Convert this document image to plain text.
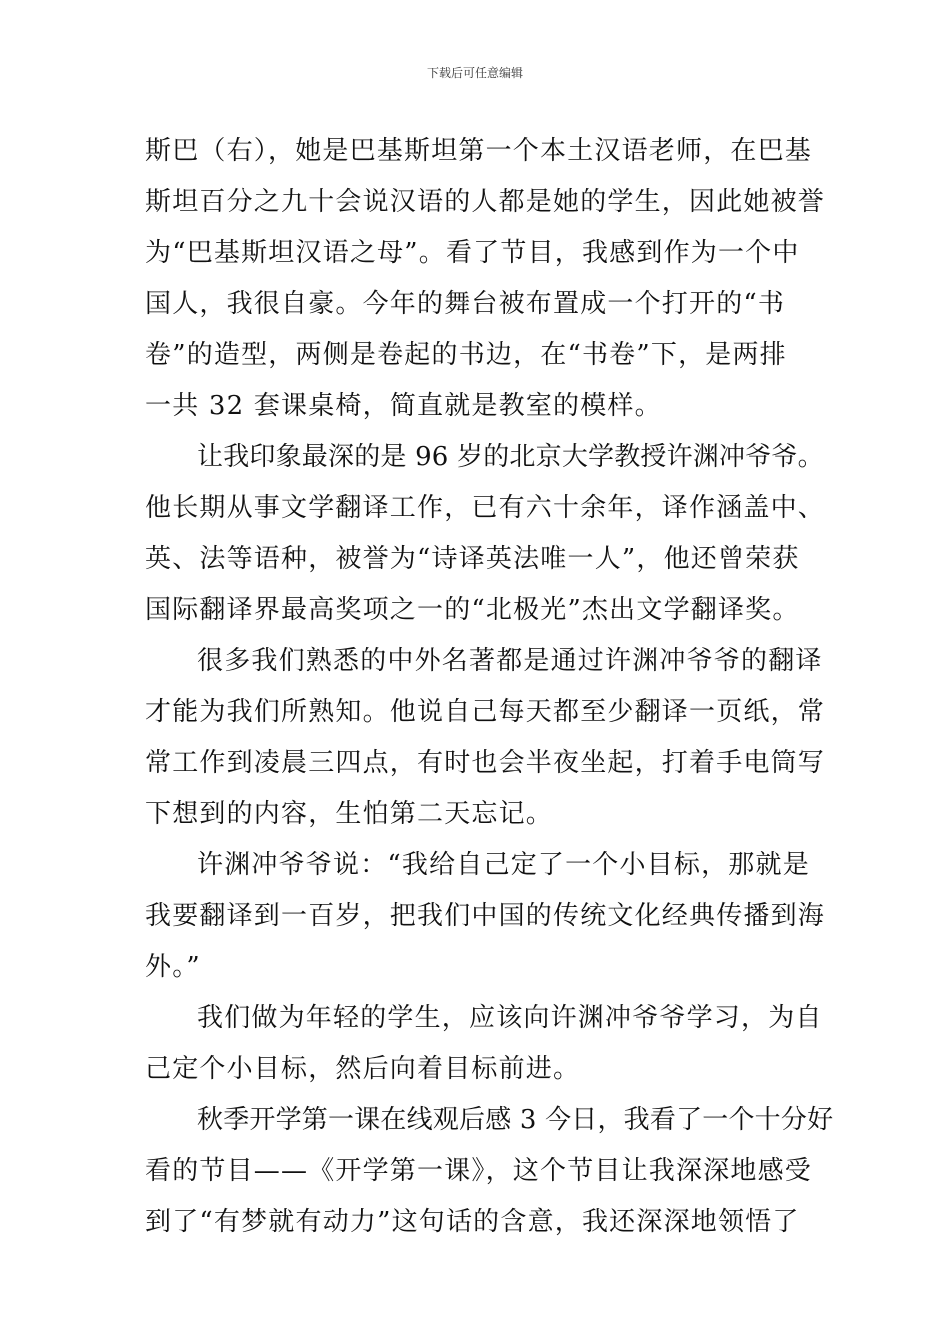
下载后可任意编辑
斯巴（右），她是巴基斯坦第一个本土汉语老师，在巴基
斯坦百分之九十会说汉语的人都是她的学生，因此她被誉
为“巴基斯坦汉语之母”。看了节目，我感到作为一个中
国人，我很自豪。今年的舞台被布置成一个打开的“书
卷”的造型，两侧是卷起的书边，在“书卷”下，是两排
一共 32 套课桌椅，简直就是教室的模样。
让我印象最深的是 96 岁的北京大学教授许渊冲爷爷。
他长期从事文学翻译工作，已有六十余年，译作涵盖中、
英、法等语种，被誉为“诗译英法唯一人”，他还曾荣获
国际翻译界最高奖项之一的“北极光”杰出文学翻译奖。
很多我们熟悉的中外名著都是通过许渊冲爷爷的翻译
才能为我们所熟知。他说自己每天都至少翻译一页纸，常
常工作到凌晨三四点，有时也会半夜坐起，打着手电筒写
下想到的内容，生怕第二天忘记。
许渊冲爷爷说：“我给自己定了一个小目标，那就是
我要翻译到一百岁，把我们中国的传统文化经典传播到海
外。”
我们做为年轻的学生，应该向许渊冲爷爷学习，为自
己定个小目标，然后向着目标前进。
秋季开学第一课在线观后感 3 今日，我看了一个十分好
看的节目——《开学第一课》，这个节目让我深深地感受
到了“有梦就有动力”这句话的含意，我还深深地领悟了
